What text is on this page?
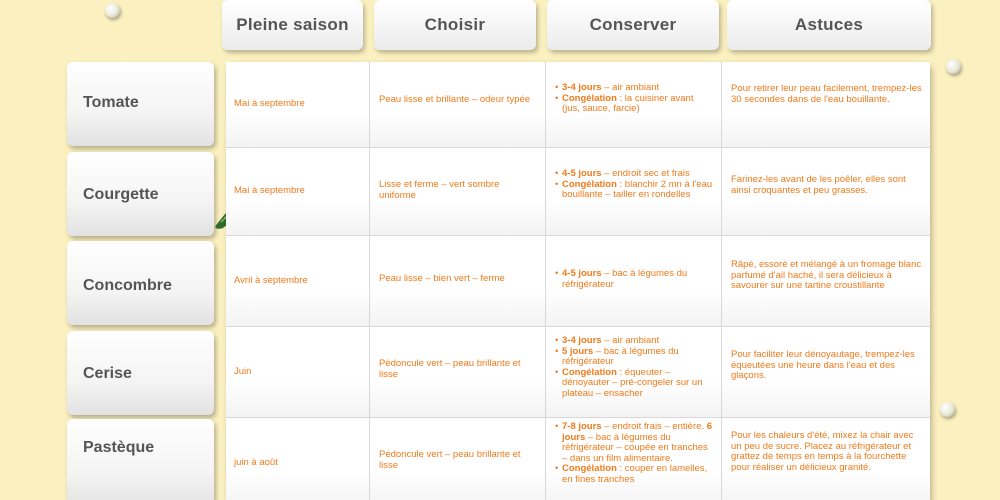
Pleine saison	Choisir	Conserver	Astuces
Tomate
Courgette
Concombre
Cerise
Pastèque
Mai à septembre	Peau lisse et brillante – odeur typée
• 3-4 jours – air ambiant
• Congélation : la cuisiner avant (jus, sauce, farcie)
Pour retirer leur peau facilement, trempez-les 30 secondes dans de l'eau bouillante.
Mai à septembre
Lisse et ferme – vert sombre uniforme
• 4-5 jours – endroit sec et frais
• Congélation : blanchir 2 mn à l'eau bouillante – tailler en rondelles
Farinez-les avant de les poêler, elles sont ainsi croquantes et peu grasses.
Avril à septembre	Peau lisse – bien vert – ferme
•	4-5 jours – bac à légumes du réfrigérateur
Râpé, essoré et mélangé à un fromage blanc parfumé d'ail haché, il sera délicieux à savourer sur une tartine croustillante
Juin
Pédoncule vert – peau brillante et lisse
• 3-4 jours – air ambiant
• 5 jours – bac à légumes du réfrigérateur
• Congélation : équeuter – dénoyauter – pré-congeler sur un plateau – ensacher
Pour faciliter leur dénoyautage, trempez-les équeutées une heure dans l'eau et des glaçons.
juin à août
Pédoncule vert – peau brillante et lisse
• 7-8 jours – endroit frais – entière. 6 jours – bac à légumes du réfrigérateur – coupée en tranches – dans un film alimentaire.
• Congélation : couper en lamelles, en fines tranches
Pour les chaleurs d'été, mixez la chair avec un peu de sucre. Placez au réfrigérateur et grattez de temps en temps à la fourchette pour réaliser un délicieux granité.
